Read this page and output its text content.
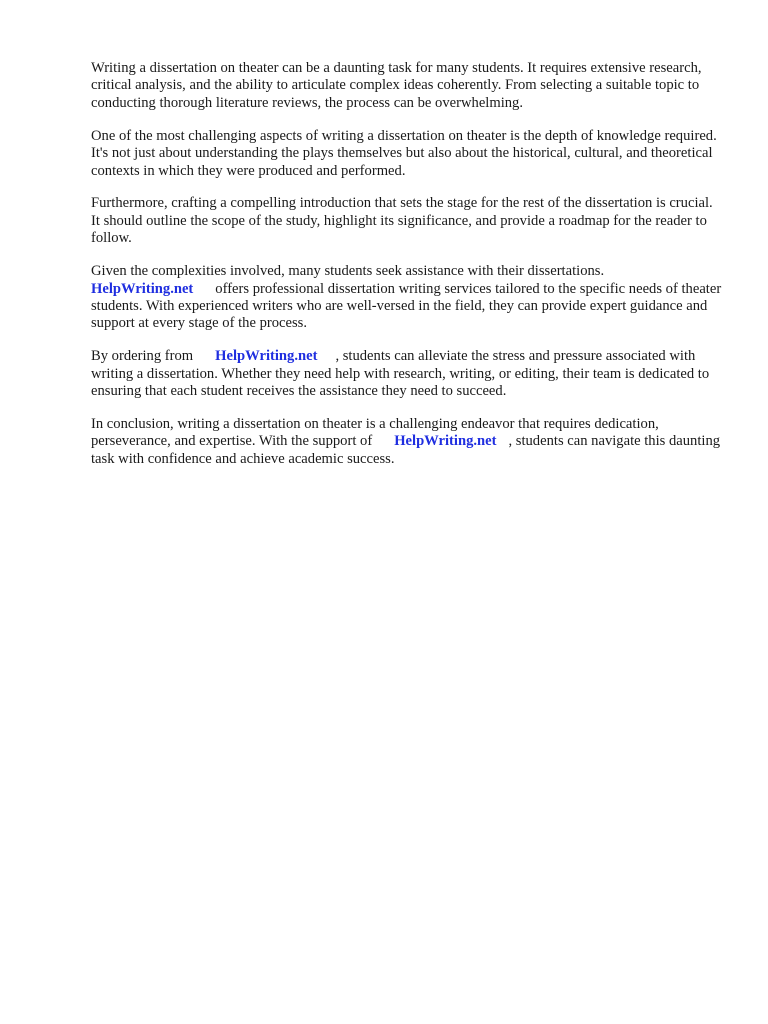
Writing a dissertation on theater can be a daunting task for many students. It requires extensive research, critical analysis, and the ability to articulate complex ideas coherently. From selecting a suitable topic to conducting thorough literature reviews, the process can be overwhelming.

One of the most challenging aspects of writing a dissertation on theater is the depth of knowledge required. It's not just about understanding the plays themselves but also about the historical, cultural, and theoretical contexts in which they were produced and performed.

Furthermore, crafting a compelling introduction that sets the stage for the rest of the dissertation is crucial. It should outline the scope of the study, highlight its significance, and provide a roadmap for the reader to follow.

Given the complexities involved, many students seek assistance with their dissertations.
HelpWriting.net offers professional dissertation writing services tailored to the specific needs of theater students. With experienced writers who are well-versed in the field, they can provide expert guidance and support at every stage of the process.

By ordering from HelpWriting.net , students can alleviate the stress and pressure associated with writing a dissertation. Whether they need help with research, writing, or editing, their team is dedicated to ensuring that each student receives the assistance they need to succeed.

In conclusion, writing a dissertation on theater is a challenging endeavor that requires dedication, perseverance, and expertise. With the support of HelpWriting.net , students can navigate this daunting task with confidence and achieve academic success.
